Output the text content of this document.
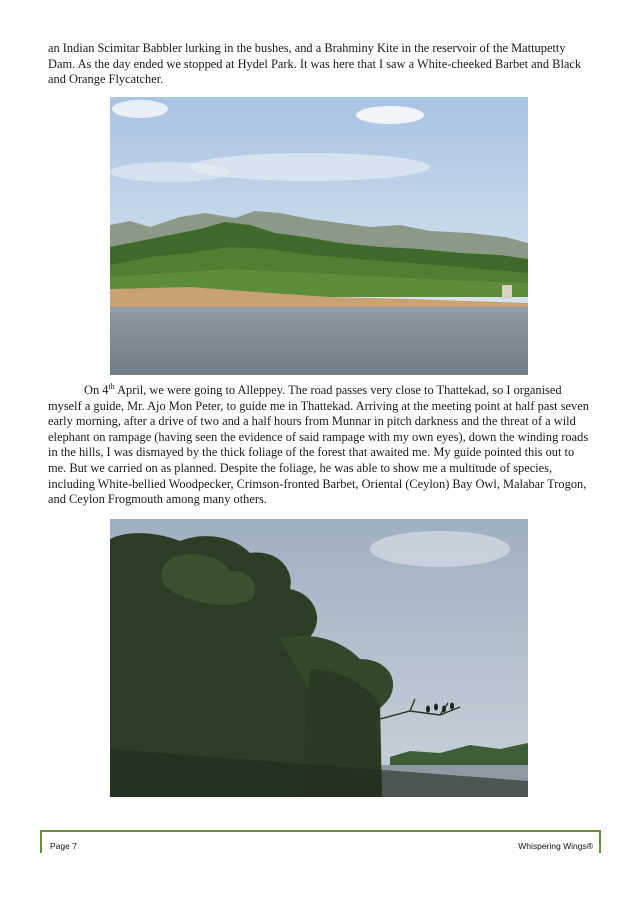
an Indian Scimitar Babbler lurking in the bushes, and a Brahminy Kite in the reservoir of the Mattupetty Dam. As the day ended we stopped at Hydel Park. It was here that I saw a White-cheeked Barbet and Black and Orange Flycatcher.

On 4th April, we were going to Alleppey. The road passes very close to Thattekad, so I organised myself a guide, Mr. Ajo Mon Peter, to guide me in Thattekad. Arriving at the meeting point at half past seven early morning, after a drive of two and a half hours from Munnar in pitch darkness and the threat of a wild elephant on rampage (having seen the evidence of said rampage with my own eyes), down the winding roads in the hills, I was dismayed by the thick foliage of the forest that awaited me. My guide pointed this out to me. But we carried on as planned. Despite the foliage, he was able to show me a multitude of species, including White-bellied Woodpecker, Crimson-fronted Barbet, Oriental (Ceylon) Bay Owl, Malabar Trogon, and Ceylon Frogmouth among many others.

Page 7	Whispering Wings®
